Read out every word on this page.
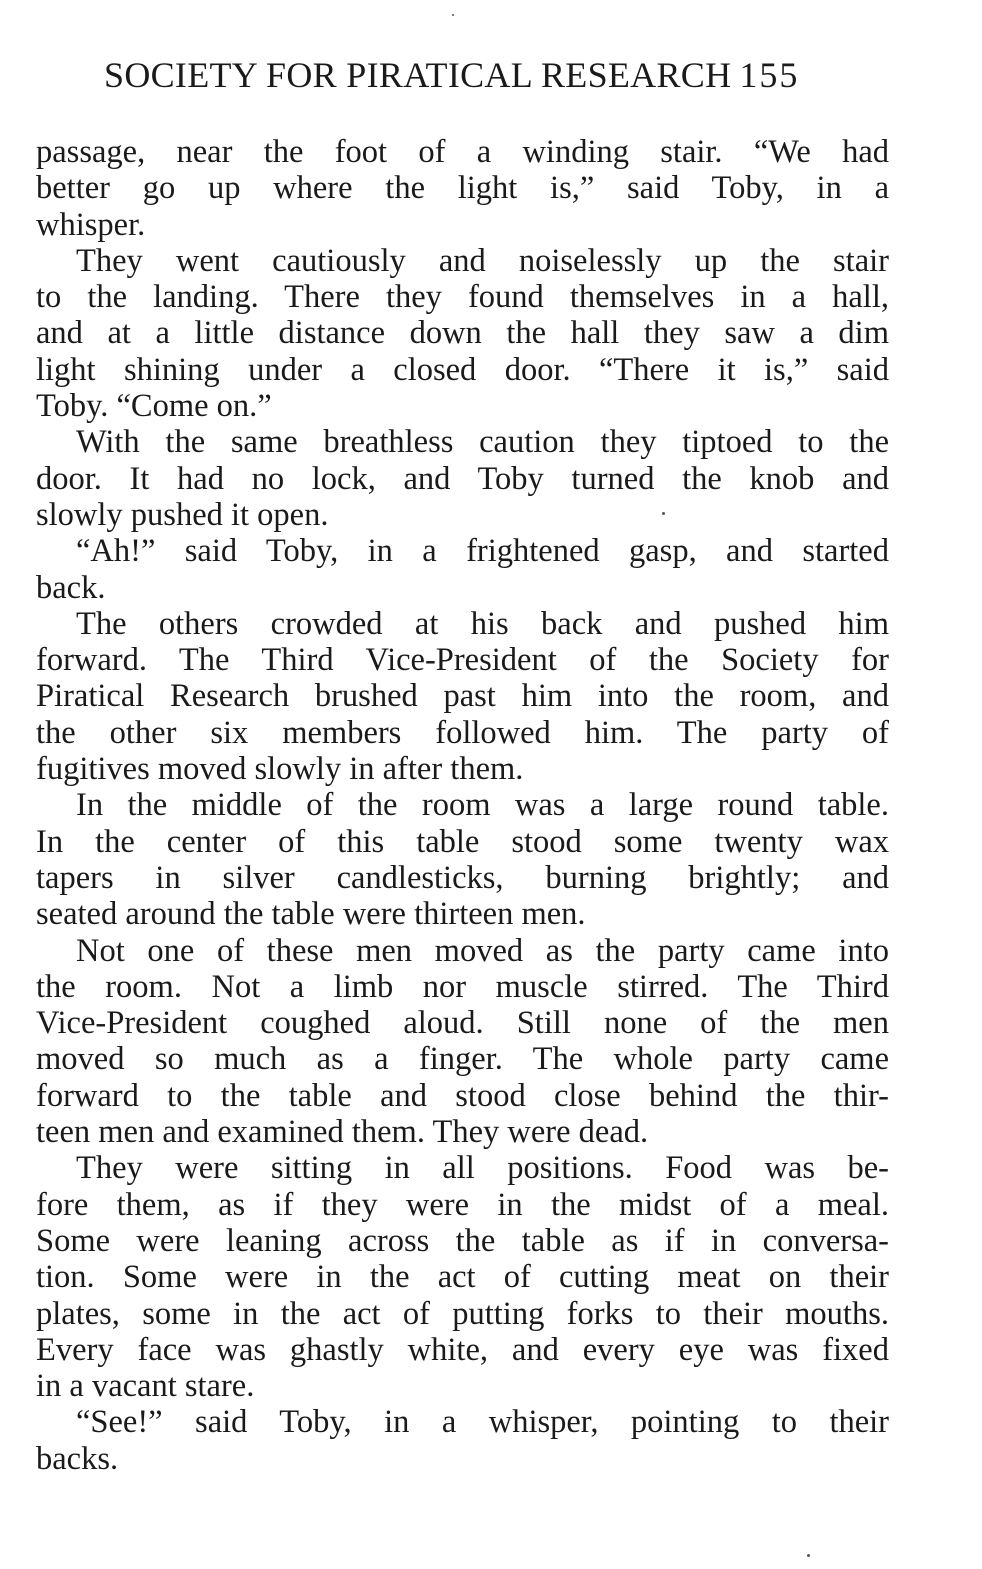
SOCIETY FOR PIRATICAL RESEARCH 155
passage, near the foot of a winding stair. “We had
better go up where the light is,” said Toby, in a
whisper.
They went cautiously and noiselessly up the stair
to the landing. There they found themselves in a hall,
and at a little distance down the hall they saw a dim
light shining under a closed door. “There it is,” said
Toby. “Come on.”
With the same breathless caution they tiptoed to the
door. It had no lock, and Toby turned the knob and
slowly pushed it open.
“Ah!” said Toby, in a frightened gasp, and started
back.
The others crowded at his back and pushed him
forward. The Third Vice-President of the Society for
Piratical Research brushed past him into the room, and
the other six members followed him. The party of
fugitives moved slowly in after them.
In the middle of the room was a large round table.
In the center of this table stood some twenty wax
tapers in silver candlesticks, burning brightly; and
seated around the table were thirteen men.
Not one of these men moved as the party came into
the room. Not a limb nor muscle stirred. The Third
Vice-President coughed aloud. Still none of the men
moved so much as a finger. The whole party came
forward to the table and stood close behind the thir-
teen men and examined them. They were dead.
They were sitting in all positions. Food was be-
fore them, as if they were in the midst of a meal.
Some were leaning across the table as if in conversa-
tion. Some were in the act of cutting meat on their
plates, some in the act of putting forks to their mouths.
Every face was ghastly white, and every eye was fixed
in a vacant stare.
“See!” said Toby, in a whisper, pointing to their
backs.
